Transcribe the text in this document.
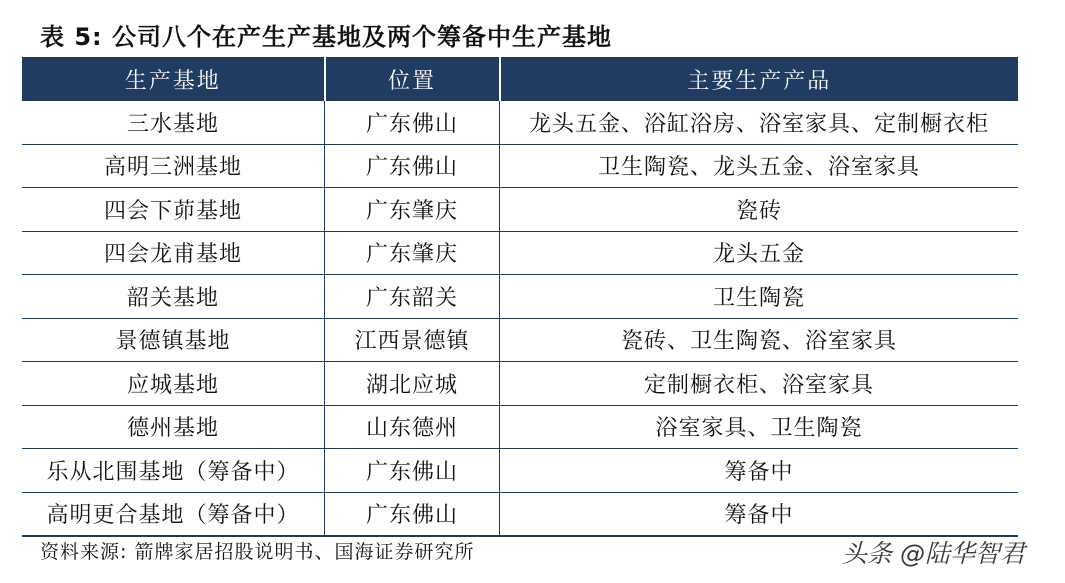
表 5: 公司八个在产生产基地及两个筹备中生产基地
生产基地	位置	主要生产产品
三水基地	广东佛山	龙头五金、浴缸浴房、浴室家具、定制橱衣柜
高明三洲基地	广东佛山	卫生陶瓷、龙头五金、浴室家具
四会下茆基地	广东肇庆	瓷砖
四会龙甫基地	广东肇庆	龙头五金
韶关基地	广东韶关	卫生陶瓷
景德镇基地	江西景德镇	瓷砖、卫生陶瓷、浴室家具
应城基地	湖北应城	定制橱衣柜、浴室家具
德州基地	山东德州	浴室家具、卫生陶瓷
乐从北围基地（筹备中）	广东佛山	筹备中
高明更合基地（筹备中）	广东佛山	筹备中
资料来源: 箭牌家居招股说明书、国海证券研究所	头条 @陆华智君
